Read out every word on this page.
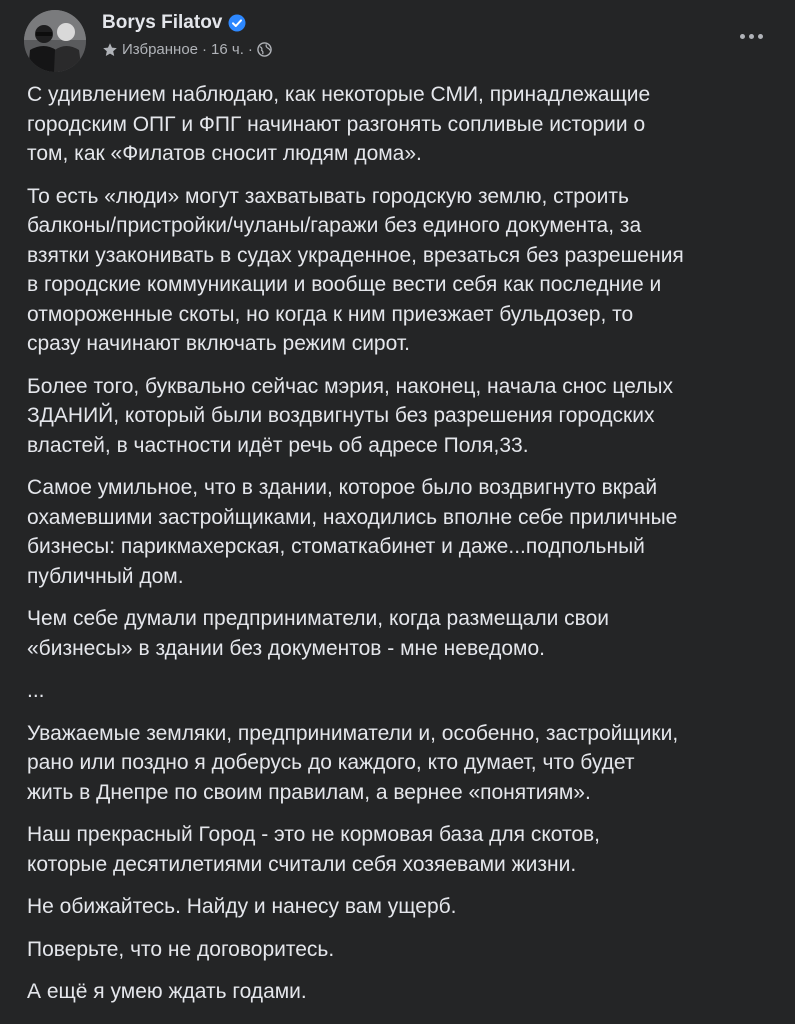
Borys Filatov
Избранное · 16 ч. ·

С удивлением наблюдаю, как некоторые СМИ, принадлежащие
городским ОПГ и ФПГ начинают разгонять сопливые истории о
том, как «Филатов сносит людям дома».

То есть «люди» могут захватывать городскую землю, строить
балконы/пристройки/чуланы/гаражи без единого документа, за
взятки узаконивать в судах украденное, врезаться без разрешения
в городские коммуникации и вообще вести себя как последние и
отмороженные скоты, но когда к ним приезжает бульдозер, то
сразу начинают включать режим сирот.

Более того, буквально сейчас мэрия, наконец, начала снос целых
ЗДАНИЙ, который были воздвигнуты без разрешения городских
властей, в частности идёт речь об адресе Поля,33.

Самое умильное, что в здании, которое было воздвигнуто вкрай
охамевшими застройщиками, находились вполне себе приличные
бизнесы: парикмахерская, стоматкабинет и даже...подпольный
публичный дом.

Чем себе думали предприниматели, когда размещали свои
«бизнесы» в здании без документов - мне неведомо.

...

Уважаемые земляки, предприниматели и, особенно, застройщики,
рано или поздно я доберусь до каждого, кто думает, что будет
жить в Днепре по своим правилам, а вернее «понятиям».

Наш прекрасный Город - это не кормовая база для скотов,
которые десятилетиями считали себя хозяевами жизни.

Не обижайтесь. Найду и нанесу вам ущерб.

Поверьте, что не договоритесь.

А ещё я умею ждать годами.
